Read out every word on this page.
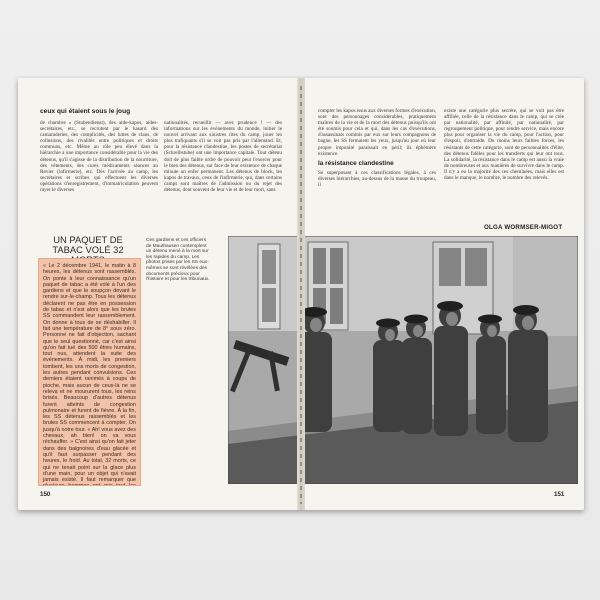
ceux qui étaient sous le joug
de chambre » (Stubendienst), des aide-kapos, aides-secrétaires, etc., se recrutent par le hasard des camaraderies, des complicités, des luttes de clans, de collusions, des rivalités entre politiques et droits communs, etc. Même au rôle peu élevé dans la hiérarchie a une importance considérable pour la vie des détenus, qu'il s'agisse de la distribution de la nourriture, des vêtements, des cures médicaments séances au Revier (infirmerie), etc. Dès l'arrivée au camp, les secrétaires et scribes qui effectuent les diverses opérations d'enregistrement, d'immatriculation peuvent rayer le diverses
nationalités, recueillir — avec prudence ! — des informations sur les événements du monde, initier le nouvel arrivant aux sinistres rites du camp, jouer les plus trafiquants s'il se voit pas pris par l'allemand. Et, pour la résistance clandestine, les postes de secrétariat (Schreibstube) ont une importance capitale. Tout détenu doit de plus faible ordre de pouvoir peut l'exercer pour le bien des détenus, sur face de leur existence de chaque minute un enfer permanent. Les détenus de block, les kapos de travaux, ceux de l'infirmerie, qui, dans certains camps sont maîtres de l'admission ou du rejet des détenus, dont souvent de leur vie et de leur mort, sans
UN PAQUET DE TABAC VOLÉ 32
« Le 2 décembre 1941, le matin à 8 heures, les détenus sont rassemblés. On ponte à leur connaissance qu'un paquet de tabac a été volé à l'un des gardiens et que le soupçon devant le rendre sur-le-champ. Tous les détenus déclarent ne pas être en possession de tabac et n'est alors que les brutes SS commandent leur rassemblement. On donne à tous de se déshabiller. Il fait une température de 8° sous zéro. Personne ne fait d'objection, sachant que le seul questionné, car c'est ainsi qu'on fait tué des 500 êtres humains, tout nus, attendent la suite des événements. À midi, les premiers tombent, les uns morts de congestion, les autres pendant convulsions. Ces derniers étaient ranimés à coups de pioche, mais aucun de ceux-là ne se releva et ne moururent tous, les reins brisés. Beaucoup d'autres détenus furent atteints de congestion pulmonaire et furent de fièvre. À la fin, les SS détenus rassemblés et les brutes SS commencent à compter. On jusqu'à notre tour. « Ah! vous avez des chevaux, ah bien! on va vous réchauffer. » C'est ainsi qu'on fait jeter dans des baignoires d'eau glacée et qu'il faut surpasser pendant des heures, le froid. Au total, 32 morts, ce qui ne tenait point sur la glace plus d'une main, pour un objet qui n'avait jamais existé. Il faut remarquer que
Ces gardiens et ces officiers de Mauthausen contemplent un détenu mené à la mort sur les rapides du camp. Les photos prises par les SS eux-mêmes se sont révélées des documents précieux pour l'histoire et pour les tribunaux.
150
compter les kapos issus aux diverses formes d'exécution, sont des personnages considérables, pratiquement maîtres de la vie et de la mort des détenus puisqu'ils ont été soumis pour cela et qui, dans les cas d'exécutions, d'assassinats commis par eux sur leurs compagnons de bagne, les SS fermaient les yeux, jusqu'au jour où leur propre impunité paraissait en péril; ils éphémère existence.
la résistance clandestine
Se superposant à ces classifications légales, à ces diverses hiérarchies, au-dessus de la masse du troupeau, il
existe une catégorie plus secrète, qui se voit pas être affiliée, celle de la résistance dans le camp, qui se crée par nationalité, par affinité, par nationalité, par regroupement politique, pour rendre service, mais encore plus pour organiser la vie du camp, pour l'action, pour d'espoir, d'entraide. Du moins leurs faibles forces, les résistants de cette catégorie, sont de personnalités d'élite, des détenus fidèles pour les transferts qui leur ont tous. La solidarité, la résistance dans le camp est aussi la vraie de nombreuses et aux manières de survivre dans le camp. Il n'y a eu la majorité des ces cheminées, mais elles est dans le manque, le nombre, le nombre des relevés.
OLGA WORMSER-MIGOT
151
